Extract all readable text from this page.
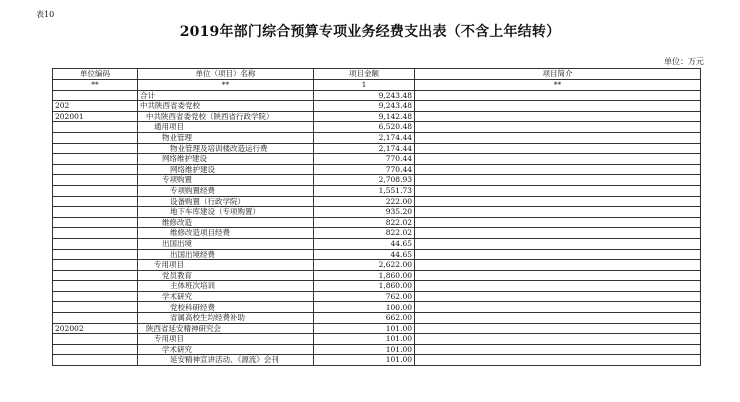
表10
2019年部门综合预算专项业务经费支出表（不含上年结转）
单位：万元
单位编码	单位（项目）名称	项目金额	项目简介
**	**	1	**
	合计	9,243.48	
202	中共陕西省委党校	9,243.48	
202001	中共陕西省委党校（陕西省行政学院）	9,142.48	
	通用项目	6,520.48	
	物业管理	2,174.44	
	物业管理及培训楼改造运行费	2,174.44	
	网络维护建设	770.44	
	网络维护建设	770.44	
	专项购置	2,708.93	
	专项购置经费	1,551.73	
	设备购置（行政学院）	222.00	
	地下车库建设（专项购置）	935.20	
	维修改造	822.02	
	维修改造项目经费	822.02	
	出国出境	44.65	
	出国出境经费	44.65	
	专用项目	2,622.00	
	党员教育	1,860.00	
	主体班次培训	1,860.00	
	学术研究	762.00	
	党校科研经费	100.00	
	省属高校生均经费补助	662.00	
202002	陕西省延安精神研究会	101.00	
	专用项目	101.00	
	学术研究	101.00	
	延安精神宣讲活动、《源流》会刊	101.00	
